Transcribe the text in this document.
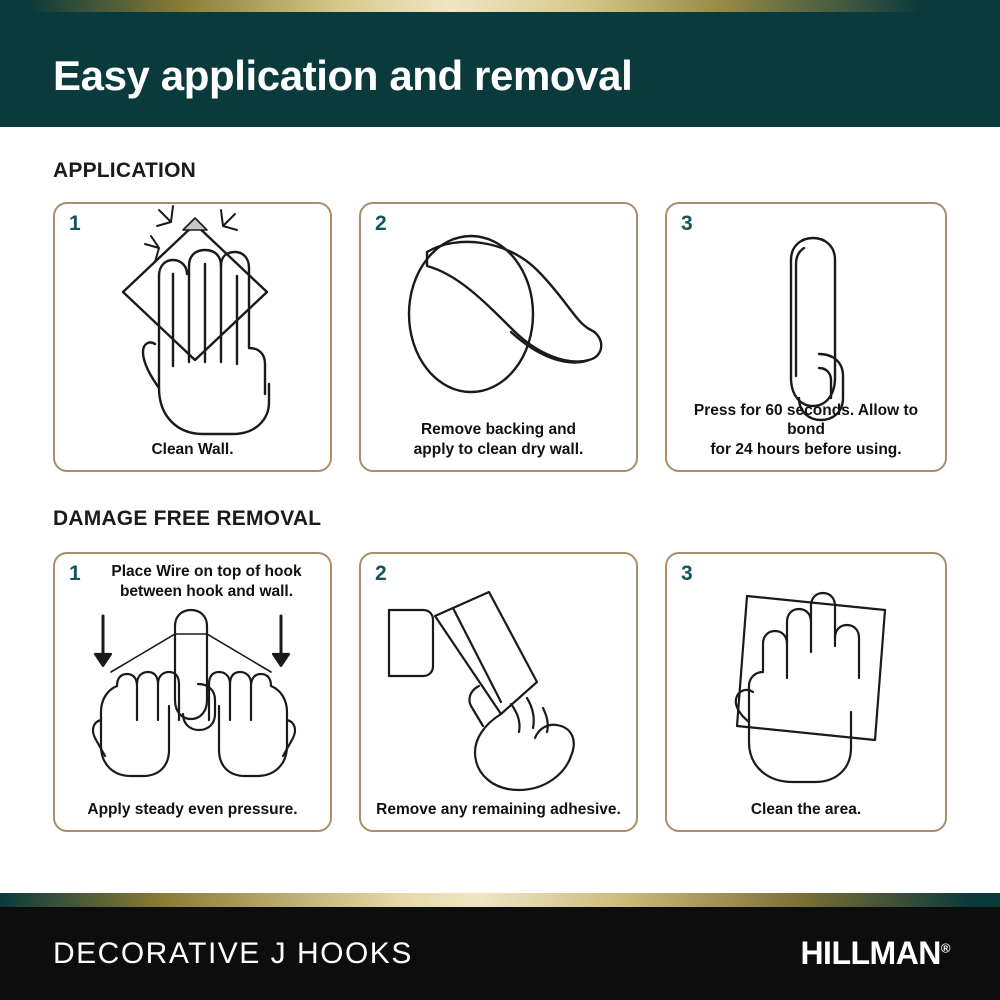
Easy application and removal
APPLICATION
1
Clean Wall.
2
Remove backing and
apply to clean dry wall.
3
Press for 60 seconds. Allow to bond
for 24 hours before using.
DAMAGE FREE REMOVAL
1	Place Wire on top of hook
between hook and wall.
Apply steady even pressure.
2
Remove any remaining adhesive.
3
Clean the area.
DECORATIVE J HOOKS	HILLMAN®
